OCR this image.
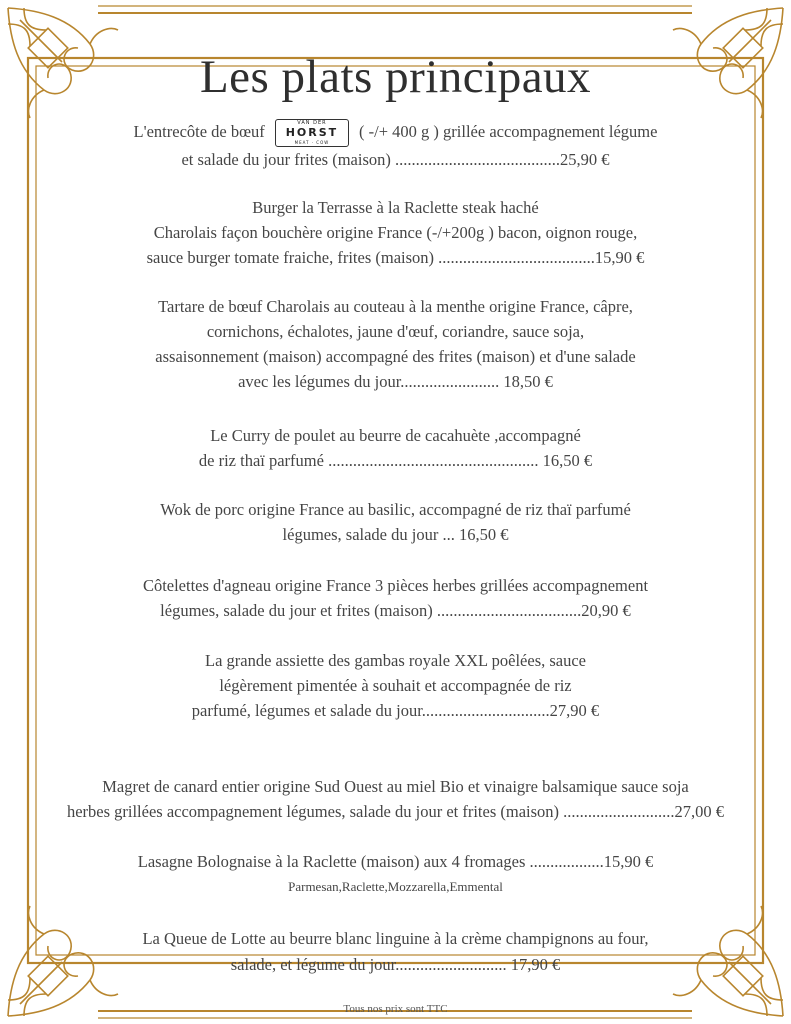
Les plats principaux
L'entrecôte de bœuf	VAN DER
HORST
MEAT · COW
( -/+ 400 g ) grillée accompagnement légume
et salade du jour frites (maison) ........................................25,90 €
Burger la Terrasse à la Raclette steak haché
Charolais façon bouchère origine France (-/+200g ) bacon, oignon rouge,
sauce burger tomate fraiche, frites (maison) ......................................15,90 €
Tartare de bœuf Charolais au couteau à la menthe origine France, câpre,
cornichons, échalotes, jaune d'œuf, coriandre, sauce soja,
assaisonnement (maison) accompagné des frites (maison) et d'une salade
avec les légumes du jour........................ 18,50 €
Le Curry de poulet au beurre de cacahuète ,accompagné
de riz thaï parfumé ................................................... 16,50 €
Wok de porc origine France au basilic, accompagné de riz thaï parfumé
légumes, salade du jour ... 16,50 €
Côtelettes d'agneau origine France 3 pièces herbes grillées accompagnement
légumes, salade du jour et frites (maison) ...................................20,90 €
La grande assiette des gambas royale XXL poêlées, sauce
légèrement pimentée à souhait et accompagnée de riz
parfumé, légumes et salade du jour...............................27,90 €
Magret de canard entier origine Sud Ouest au miel Bio et vinaigre balsamique sauce soja
herbes grillées accompagnement légumes, salade du jour et frites (maison) ...........................27,00 €
Lasagne Bolognaise à la Raclette (maison) aux 4 fromages ..................15,90 €
Parmesan,Raclette,Mozzarella,Emmental
La Queue de Lotte au beurre blanc linguine à la crème champignons au four,
salade, et légume du jour........................... 17,90 €
Tous nos prix sont TTC
